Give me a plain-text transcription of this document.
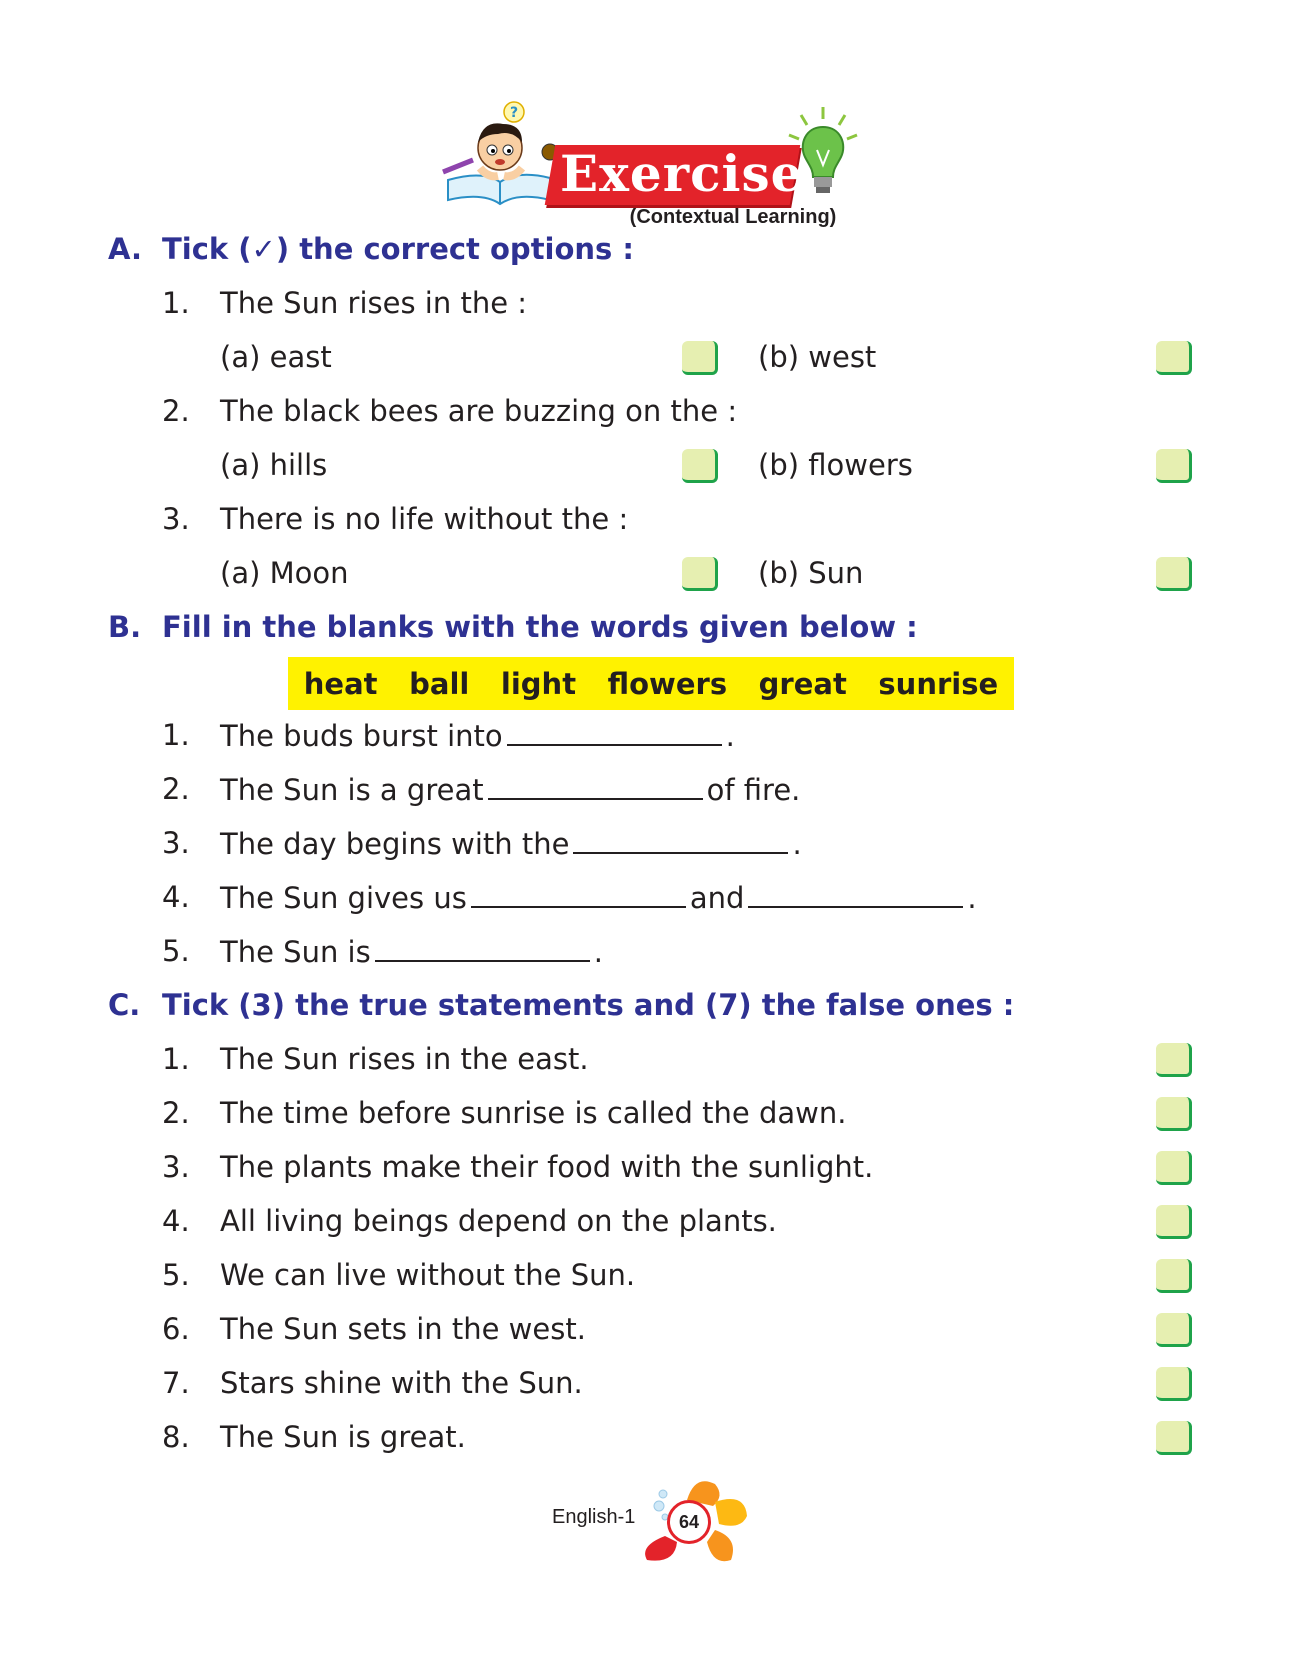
?
Exercise
(Contextual Learning)
A. Tick (✓) the correct options :
1. The Sun rises in the :
(a) east	(b) west
2. The black bees are buzzing on the :
(a) hills	(b) flowers
3. There is no life without the :
(a) Moon	(b) Sun
B. Fill in the blanks with the words given below :
heat ball light flowers great sunrise
1. The buds burst into	.
2. The Sun is a great	of fire.
3. The day begins with the	.
4. The Sun gives us	and	.
5. The Sun is	.
C. Tick (3) the true statements and (7) the false ones :
1. The Sun rises in the east.
2. The time before sunrise is called the dawn.
3. The plants make their food with the sunlight.
4. All living beings depend on the plants.
5. We can live without the Sun.
6. The Sun sets in the west.
7. Stars shine with the Sun.
8. The Sun is great.
English-1	64
